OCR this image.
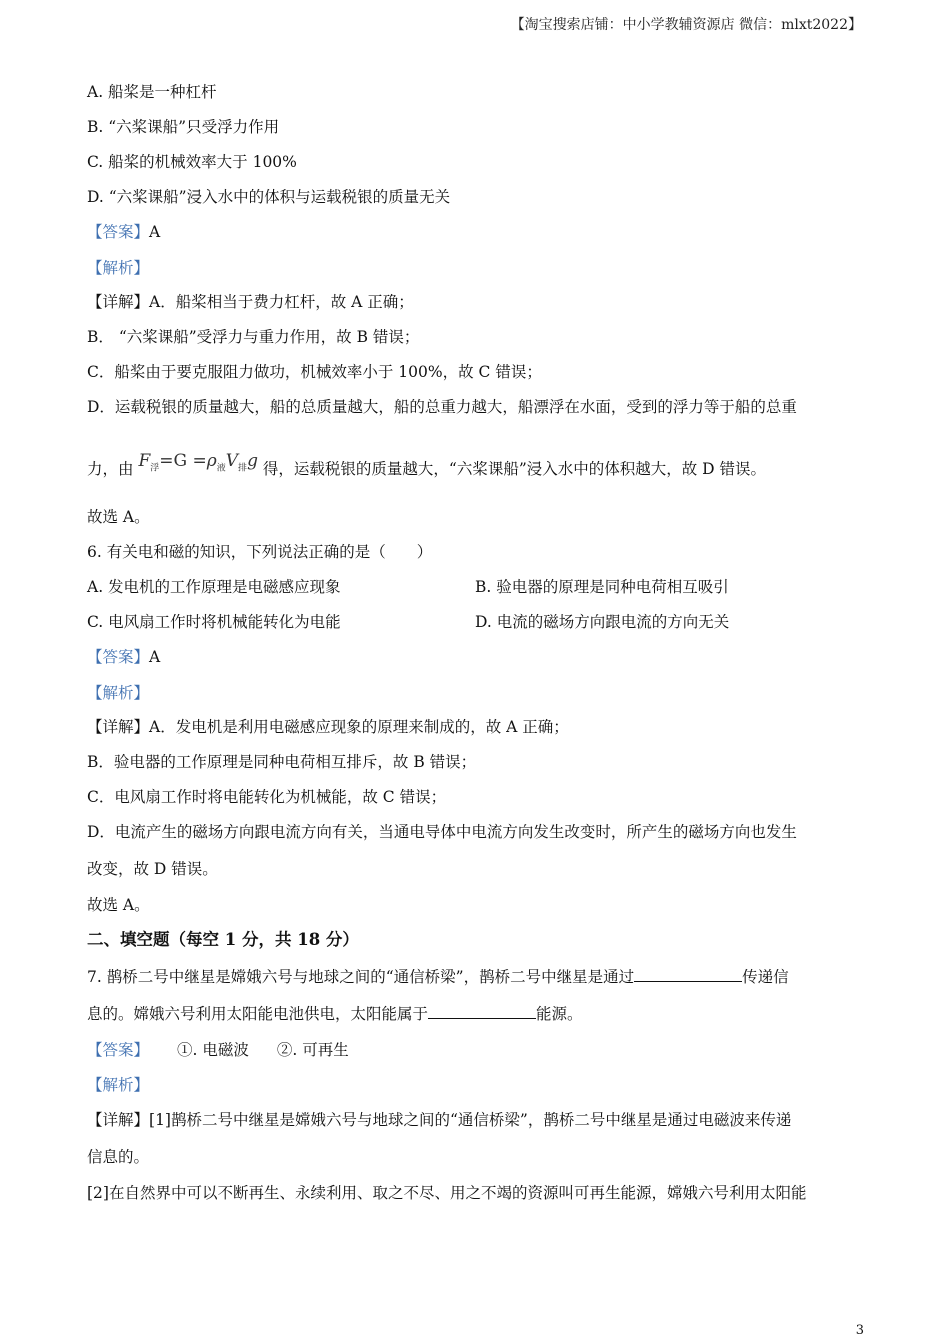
【淘宝搜索店铺：中小学教辅资源店 微信：mlxt2022】
A. 船桨是一种杠杆
B. “六桨课船”只受浮力作用
C. 船桨的机械效率大于 100%
D. “六桨课船”浸入水中的体积与运载税银的质量无关
【答案】A
【解析】
【详解】A．船桨相当于费力杠杆，故 A 正确；
B． “六桨课船”受浮力与重力作用，故 B 错误；
C．船桨由于要克服阻力做功，机械效率小于 100%，故 C 错误；
D．运载税银的质量越大，船的总质量越大，船的总重力越大，船漂浮在水面，受到的浮力等于船的总重
力，由 $F_浮=G =\rho_液V_排g$ 得，运载税银的质量越大，“六桨课船”浸入水中的体积越大，故 D 错误。
故选 A。
6. 有关电和磁的知识，下列说法正确的是（　　）
A. 发电机的工作原理是电磁感应现象	B. 验电器的原理是同种电荷相互吸引
C. 电风扇工作时将机械能转化为电能	D. 电流的磁场方向跟电流的方向无关
【答案】A
【解析】
【详解】A．发电机是利用电磁感应现象的原理来制成的，故 A 正确；
B．验电器的工作原理是同种电荷相互排斥，故 B 错误；
C．电风扇工作时将电能转化为机械能，故 C 错误；
D．电流产生的磁场方向跟电流方向有关，当通电导体中电流方向发生改变时，所产生的磁场方向也发生
改变，故 D 错误。
故选 A。
二、填空题（每空 1 分，共 18 分）
7. 鹊桥二号中继星是嫦娥六号与地球之间的“通信桥梁”，鹊桥二号中继星是通过	传递信
息的。嫦娥六号利用太阳能电池供电，太阳能属于	能源。
【答案】 ①. 电磁波 ②. 可再生
【解析】
【详解】[1]鹊桥二号中继星是嫦娥六号与地球之间的“通信桥梁”，鹊桥二号中继星是通过电磁波来传递
信息的。
[2]在自然界中可以不断再生、永续利用、取之不尽、用之不竭的资源叫可再生能源，嫦娥六号利用太阳能
3
